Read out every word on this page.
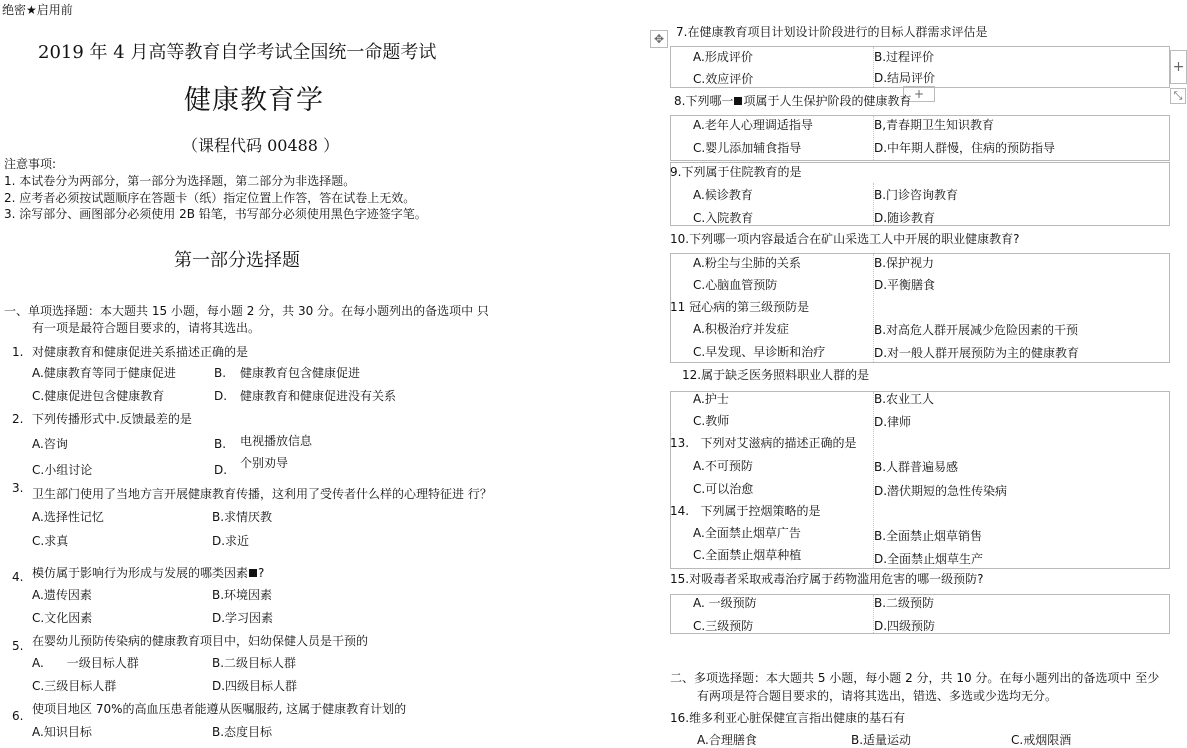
绝密★启用前
2019 年 4 月高等教育自学考试全国统一命题考试
健康教育学
（课程代码 00488 ）
注意事项:
1. 本试卷分为两部分，第一部分为选择题，第二部分为非选择题。
2. 应考者必须按试题顺序在答题卡（纸）指定位置上作答，答在试卷上无效。
3. 涂写部分、画图部分必须使用 2B 铅笔，书写部分必须使用黑色字迹签字笔。
第一部分选择题
一、单项选择题：本大题共 15 小题，每小题 2 分，共 30 分。在每小题列出的备选项中 只
有一项是最符合题目要求的，请将其选出。
1. 对健康教育和健康促进关系描述正确的是
A.健康教育等同于健康促进	B. 健康教育包含健康促进
C.健康促进包含健康教育	D. 健康教育和健康促进没有关系
2. 下列传播形式中.反馈最差的是
A.咨询	B. 电视播放信息
C.小组讨论	D. 个别劝导
3. 卫生部门使用了当地方言开展健康教育传播，这利用了受传者什么样的心理特征进 行？
A.选择性记忆	B.求情厌教
C.求真	D.求近
4. 模仿属于影响行为形成与发展的哪类因素 ?
A.遗传因素	B.环境因素
C.文化因素	D.学习因素
5. 在婴幼儿预防传染病的健康教育项目中，妇幼保健人员是干预的
A.      一级目标人群	B.二级目标人群
C.三级目标人群	D.四级目标人群
6. 使项目地区 70%的高血压患者能遵从医嘱服药, 这属于健康教育计划的
A.知识目标	B.态度目标
✥
+
⤡
+
7.在健康教育项目计划设计阶段进行的目标人群需求评估是
A.形成评价	B.过程评价
C.效应评价	D.结局评价
8.下列哪一 项属于人生保护阶段的健康教育
A.老年人心理调适指导	B,青春期卫生知识教育
C.婴儿添加辅食指导	D.中年期人群慢，住病的预防指导
9.下列属于住院教育的是
A.候诊教育	B.门诊咨询教育
C.入院教育	D.随诊教育
10.下列哪一项内容最适合在矿山采选工人中开展的职业健康教育?
A.粉尘与尘肺的关系	B.保护视力
C.心脑血管预防	D.平衡膳食
11 冠心病的第三级预防是
A.积极治疗并发症	B.对高危人群开展减少危险因素的干预
C.早发现、早诊断和治疗	D.对一般人群开展预防为主的健康教育
12.属于缺乏医务照料职业人群的是
A.护士	B.农业工人
C.教师	D.律师
13.   下列对艾滋病的描述正确的是
A.不可预防	B.人群普遍易感
C.可以治愈	D.潜伏期短的急性传染病
14.   下列属于控烟策略的是
A.全面禁止烟草广告	B.全面禁止烟草销售
C.全面禁止烟草种植	D.全面禁止烟草生产
15.对吸毒者采取戒毒治疗属于药物滥用危害的哪一级预防?
A. 一级预防	B.二级预防
C.三级预防	D.四级预防
二、多项选择题：本大题共 5 小题，每小题 2 分，共 10 分。在每小题列出的备选项中 至少
有两项是符合题目要求的，请将其选出，错选、多选或少选均无分。
16.维多利亚心脏保健宣言指出健康的基石有
A.合理膳食	B.适量运动	C.戒烟限酒
